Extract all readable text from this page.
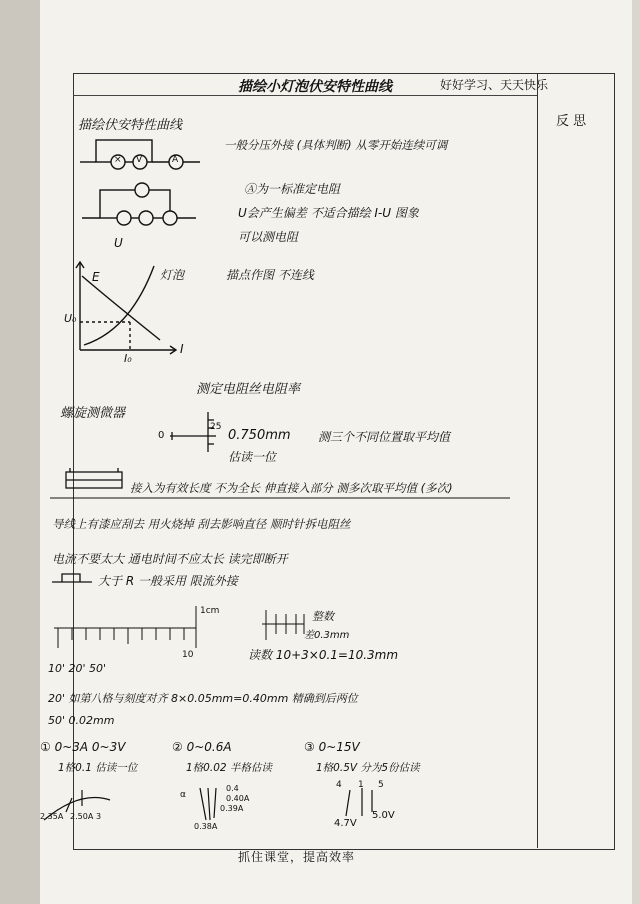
好好学习、天天快乐
反 思
描绘小灯泡伏安特性曲线
描绘伏安特性曲线
一般分压外接 (具体判断) 从零开始连续可调
Ⓐ为一标准定电阻
U会产生偏差 不适合描绘 I-U 图象
可以测电阻
灯泡	描点作图 不连线
× V	A
E
U₀
I₀
I
U
测定电阻丝电阻率
螺旋测微器
0
25
0.750mm 测三个不同位置取平均值
估读一位
接入为有效长度 不为全长 伸直接入部分 测多次取平均值 (多次)
导线上有漆应刮去 用火烧掉 刮去影响直径 顺时针拆电阻丝
电流不要太大 通电时间不应太长 读完即断开
大于 R 一般采用 限流外接
1cm
10
整数
差0.3mm
读数 10+3×0.1=10.3mm
10' 20' 50'
20' 如第八格与刻度对齐 8×0.05mm=0.40mm 精确到后两位
50' 0.02mm
① 0~3A 0~3V
1格0.1 估读一位
② 0~0.6A
1格0.02 半格估读
③ 0~15V
1格0.5V 分为5份估读
2.35A 2.50A 3
α
0.4
0.40A
0.39A
0.38A
4 1 5
4.7V
5.0V
抓住课堂，提高效率
